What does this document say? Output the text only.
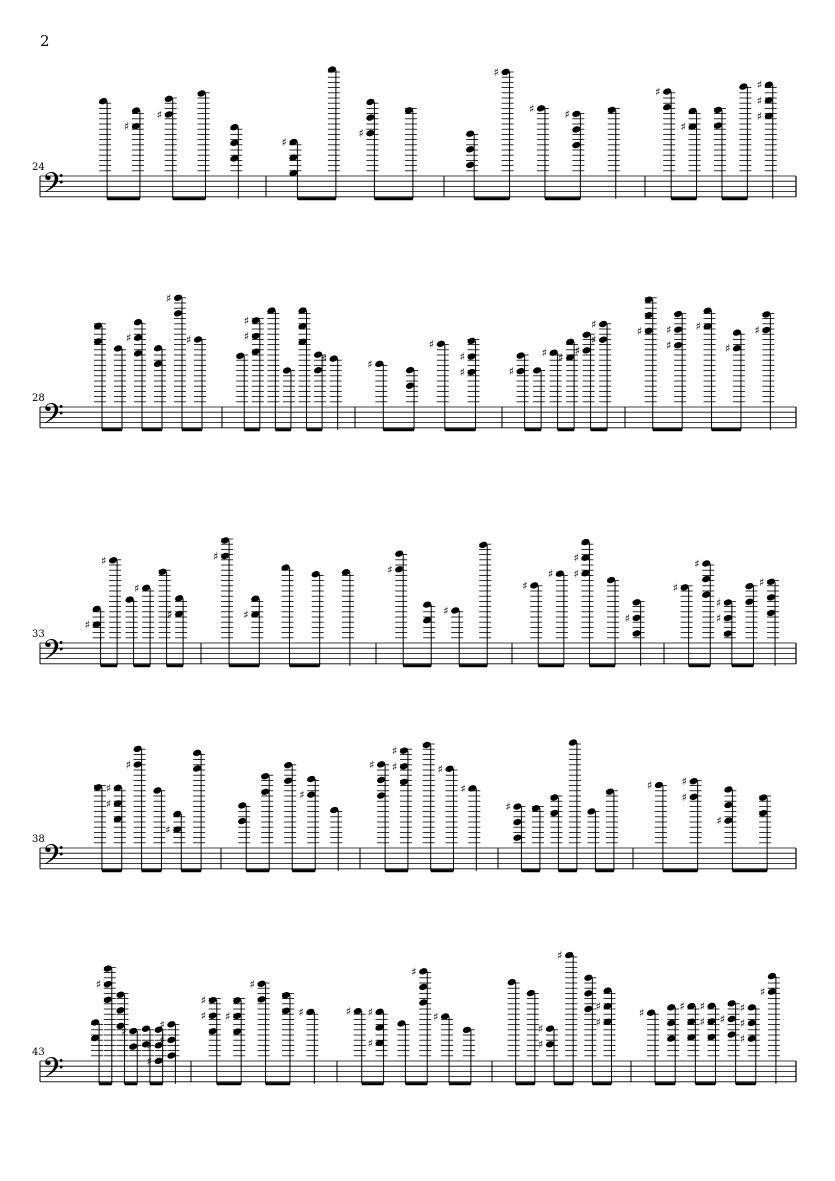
2
24
𝄢
♯
♯
♯
♯
♯
♯	♯
♯
♯
♯
♯
♯
28
𝄢
♯
♯
♯
♯
♯
♯	♯
♯
♯
♯	♯
♯ ♯
♯
♯
♯
♯ ♯
♯
♯
♯
♯
33
𝄢
♯
♯
♯
♯
♯
♯
♯
♯
♯
♯
♯
♯
♯
♯
♯
♯
♯
♯
38
𝄢
♯
♯
♯
♯
♯
♯
♯
♯	♯
♯
♯
♯	♯
♯
♯
43
𝄢
♯
♯
♯
♯
♯
♯
♯
♯ ♯
♯
♯	♯ ♯
♯
♯
♯
♯
♯
♯
♯
♯
♯
♯ ♯
♯ ♯
♯
♯
♯
♯
